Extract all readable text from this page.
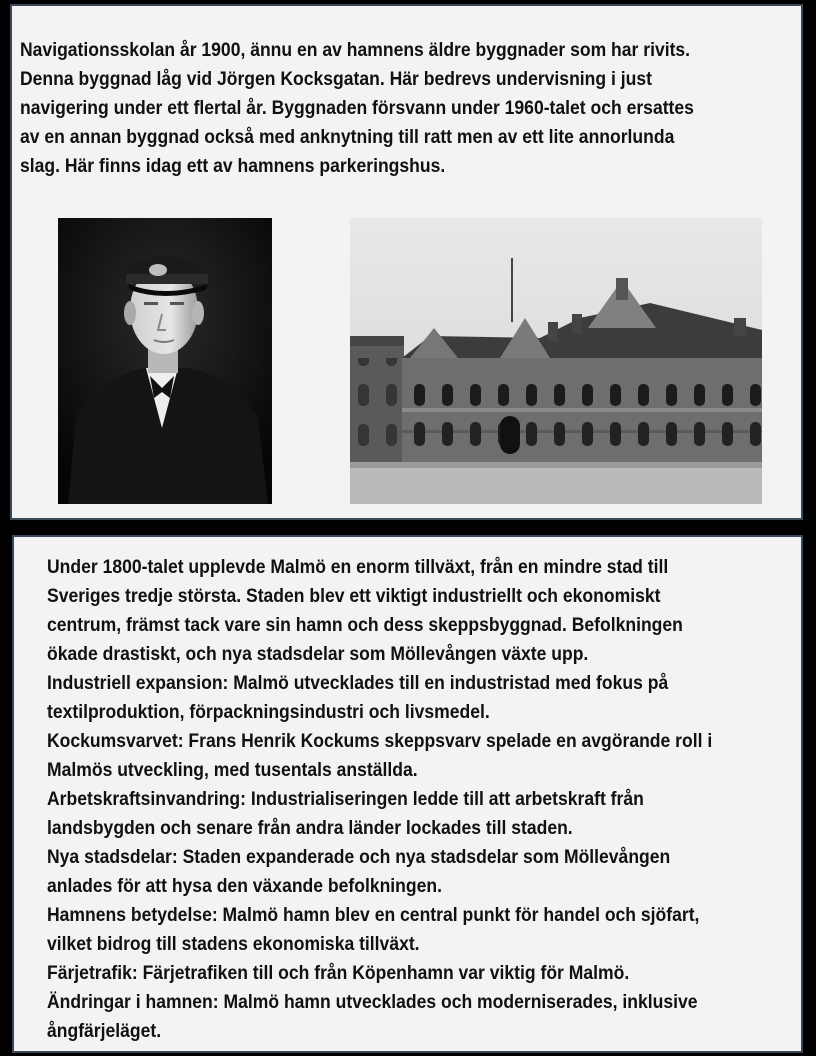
Navigationsskolan år 1900, ännu en av hamnens äldre byggnader som har rivits.
Denna byggnad låg vid Jörgen Kocksgatan. Här bedrevs undervisning i just
navigering under ett flertal år. Byggnaden försvann under 1960-talet och ersattes
av en annan byggnad också med anknytning till ratt men av ett lite annorlunda
slag. Här finns idag ett av hamnens parkeringshus.
Under 1800-talet upplevde Malmö en enorm tillväxt, från en mindre stad till
Sveriges tredje största. Staden blev ett viktigt industriellt och ekonomiskt
centrum, främst tack vare sin hamn och dess skeppsbyggnad. Befolkningen
ökade drastiskt, och nya stadsdelar som Möllevången växte upp.
Industriell expansion: Malmö utvecklades till en industristad med fokus på
textilproduktion, förpackningsindustri och livsmedel.
Kockumsvarvet: Frans Henrik Kockums skeppsvarv spelade en avgörande roll i
Malmös utveckling, med tusentals anställda.
Arbetskraftsinvandring: Industrialiseringen ledde till att arbetskraft från
landsbygden och senare från andra länder lockades till staden.
Nya stadsdelar: Staden expanderade och nya stadsdelar som Möllevången
anlades för att hysa den växande befolkningen.
Hamnens betydelse: Malmö hamn blev en central punkt för handel och sjöfart,
vilket bidrog till stadens ekonomiska tillväxt.
Färjetrafik: Färjetrafiken till och från Köpenhamn var viktig för Malmö.
Ändringar i hamnen: Malmö hamn utvecklades och moderniserades, inklusive
ångfärjeläget.
